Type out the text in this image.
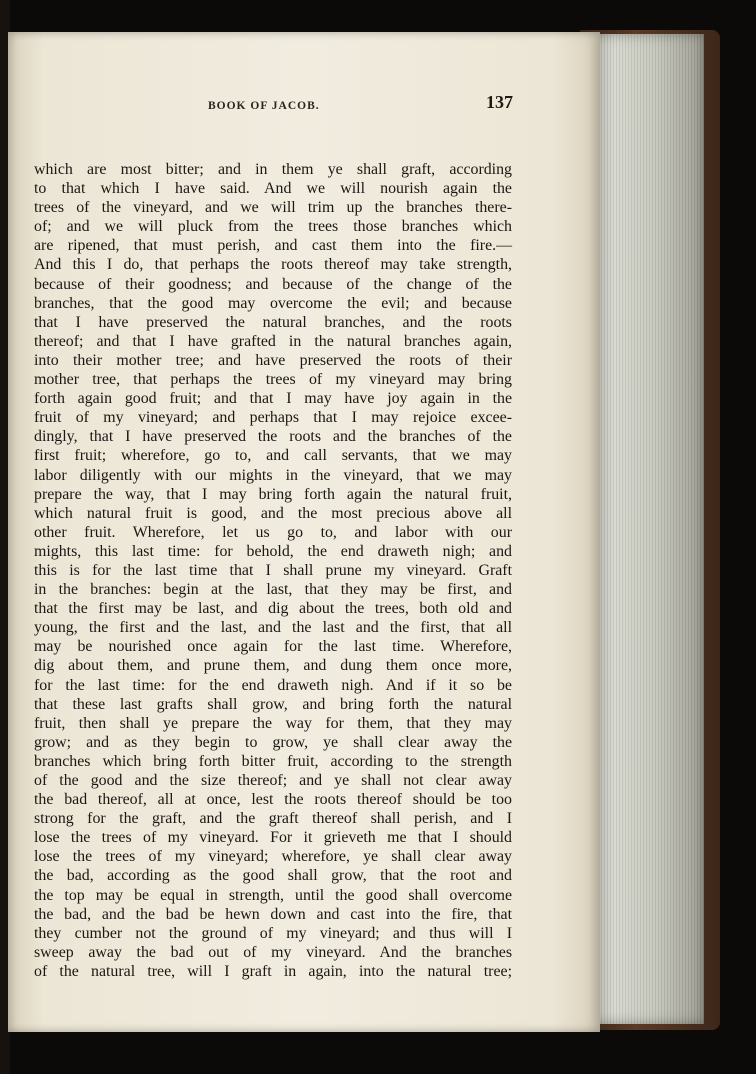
BOOK OF JACOB.	137
which are most bitter; and in them ye shall graft, according
to that which I have said. And we will nourish again the
trees of the vineyard, and we will trim up the branches there-
of; and we will pluck from the trees those branches which
are ripened, that must perish, and cast them into the fire.—
And this I do, that perhaps the roots thereof may take strength,
because of their goodness; and because of the change of the
branches, that the good may overcome the evil; and because
that I have preserved the natural branches, and the roots
thereof; and that I have grafted in the natural branches again,
into their mother tree; and have preserved the roots of their
mother tree, that perhaps the trees of my vineyard may bring
forth again good fruit; and that I may have joy again in the
fruit of my vineyard; and perhaps that I may rejoice excee-
dingly, that I have preserved the roots and the branches of the
first fruit; wherefore, go to, and call servants, that we may
labor diligently with our mights in the vineyard, that we may
prepare the way, that I may bring forth again the natural fruit,
which natural fruit is good, and the most precious above all
other fruit. Wherefore, let us go to, and labor with our
mights, this last time: for behold, the end draweth nigh; and
this is for the last time that I shall prune my vineyard. Graft
in the branches: begin at the last, that they may be first, and
that the first may be last, and dig about the trees, both old and
young, the first and the last, and the last and the first, that all
may be nourished once again for the last time. Wherefore,
dig about them, and prune them, and dung them once more,
for the last time: for the end draweth nigh. And if it so be
that these last grafts shall grow, and bring forth the natural
fruit, then shall ye prepare the way for them, that they may
grow; and as they begin to grow, ye shall clear away the
branches which bring forth bitter fruit, according to the strength
of the good and the size thereof; and ye shall not clear away
the bad thereof, all at once, lest the roots thereof should be too
strong for the graft, and the graft thereof shall perish, and I
lose the trees of my vineyard. For it grieveth me that I should
lose the trees of my vineyard; wherefore, ye shall clear away
the bad, according as the good shall grow, that the root and
the top may be equal in strength, until the good shall overcome
the bad, and the bad be hewn down and cast into the fire, that
they cumber not the ground of my vineyard; and thus will I
sweep away the bad out of my vineyard. And the branches
of the natural tree, will I graft in again, into the natural tree;
